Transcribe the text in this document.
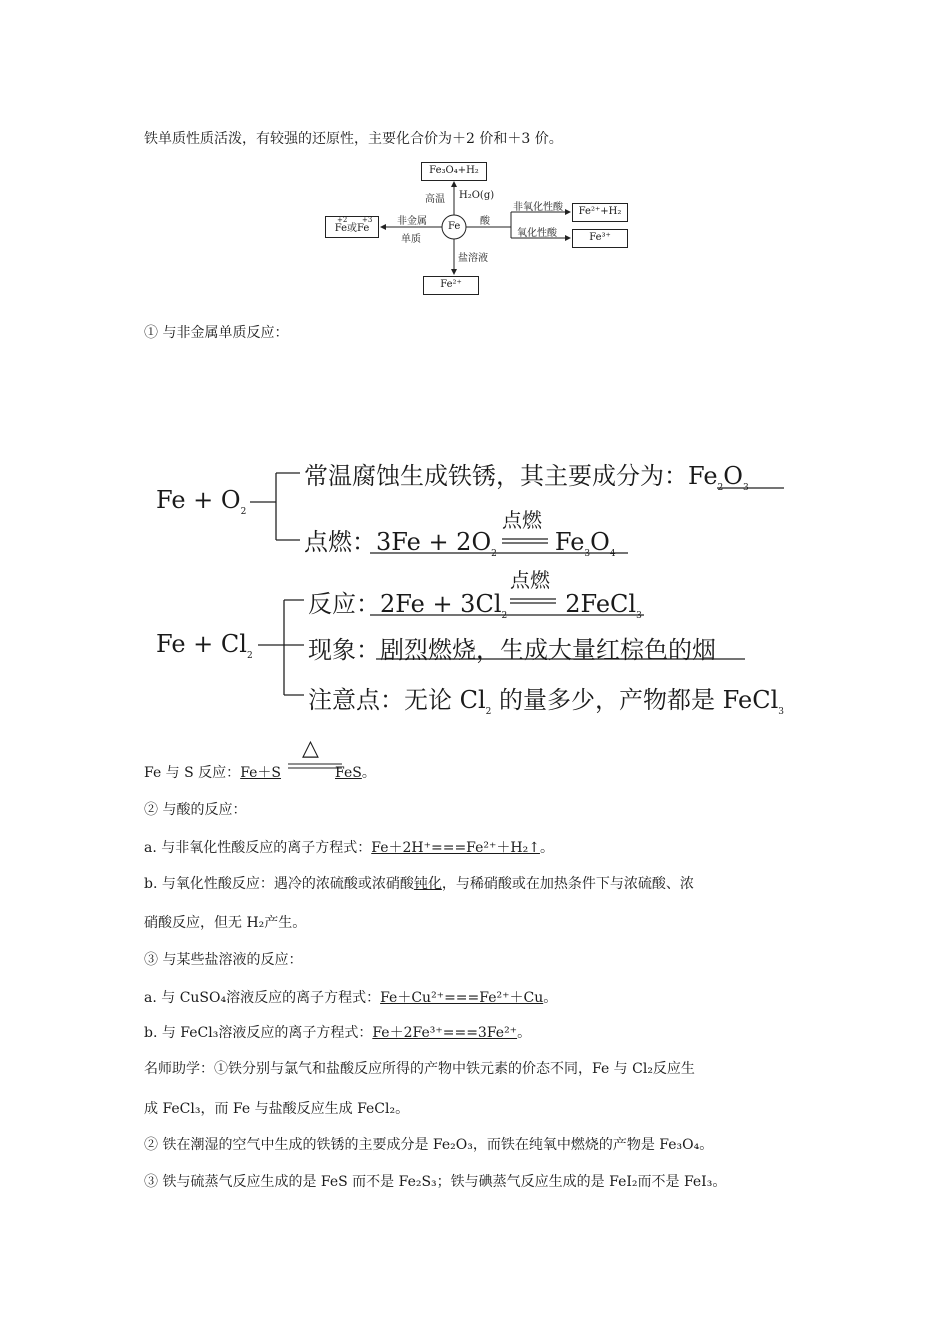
铁单质性质活泼，有较强的还原性，主要化合价为＋2 价和＋3 价。
Fe
Fe₃O₄+H₂
高温 H₂O(g)
Fe或Fe
+2 +3 非金属
单质
酸
非氧化性酸	Fe²⁺+H₂
氧化性酸	Fe³⁺
盐溶液
Fe²⁺
① 与非金属单质反应：
$Fe + O_2$
常温腐蚀生成铁锈，其主要成分为：$Fe_2O_3$
点燃：$3Fe + 2O_2$ $Fe_3O_4$
点燃
$Fe + Cl_2$
反应：$2Fe + 3Cl_2$ 2FeCl$_3$
点燃
现象：剧烈燃烧，生成大量红棕色的烟
注意点：无论 $Cl_2$ 的量多少，产物都是 FeCl$_3$
△
Fe 与 S 反应：Fe＋S	FeS。
② 与酸的反应：
a. 与非氧化性酸反应的离子方程式：Fe＋2H⁺===Fe²⁺＋H₂↑。
b. 与氧化性酸反应：遇冷的浓硫酸或浓硝酸钝化，与稀硝酸或在加热条件下与浓硫酸、浓
硝酸反应，但无 H₂产生。
③ 与某些盐溶液的反应：
a. 与 CuSO₄溶液反应的离子方程式：Fe＋Cu²⁺===Fe²⁺＋Cu。
b. 与 FeCl₃溶液反应的离子方程式：Fe＋2Fe³⁺===3Fe²⁺。
名师助学：①铁分别与氯气和盐酸反应所得的产物中铁元素的价态不同，Fe 与 Cl₂反应生
成 FeCl₃，而 Fe 与盐酸反应生成 FeCl₂。
② 铁在潮湿的空气中生成的铁锈的主要成分是 Fe₂O₃，而铁在纯氧中燃烧的产物是 Fe₃O₄。
③ 铁与硫蒸气反应生成的是 FeS 而不是 Fe₂S₃；铁与碘蒸气反应生成的是 FeI₂而不是 FeI₃。
